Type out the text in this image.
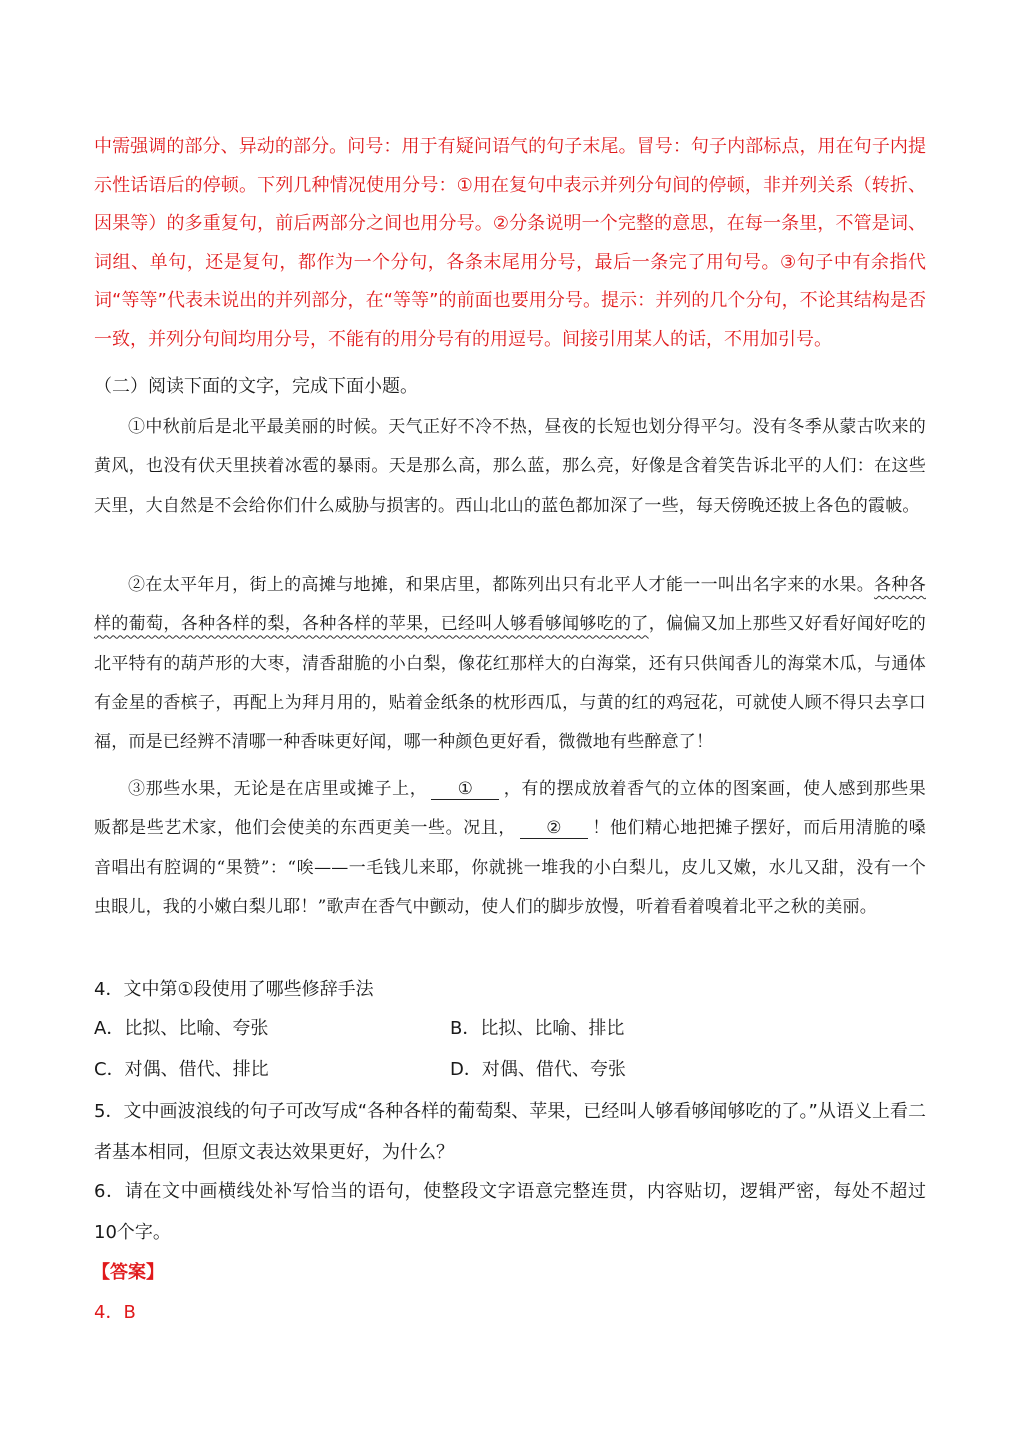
中需强调的部分、异动的部分。问号：用于有疑问语气的句子末尾。冒号：句子内部标点，用在句子内提示性话语后的停顿。下列几种情况使用分号：①用在复句中表示并列分句间的停顿，非并列关系（转折、因果等）的多重复句，前后两部分之间也用分号。②分条说明一个完整的意思，在每一条里，不管是词、词组、单句，还是复句，都作为一个分句，各条末尾用分号，最后一条完了用句号。③句子中有余指代词“等等”代表未说出的并列部分，在“等等”的前面也要用分号。提示：并列的几个分句，不论其结构是否一致，并列分句间均用分号，不能有的用分号有的用逗号。间接引用某人的话，不用加引号。

（二）阅读下面的文字，完成下面小题。

①中秋前后是北平最美丽的时候。天气正好不冷不热，昼夜的长短也划分得平匀。没有冬季从蒙古吹来的黄风，也没有伏天里挟着冰雹的暴雨。天是那么高，那么蓝，那么亮，好像是含着笑告诉北平的人们：在这些天里，大自然是不会给你们什么威胁与损害的。西山北山的蓝色都加深了一些，每天傍晚还披上各色的霞帔。

②在太平年月，街上的高摊与地摊，和果店里，都陈列出只有北平人才能一一叫出名字来的水果。各种各样的葡萄，各种各样的梨，各种各样的苹果，已经叫人够看够闻够吃的了，偏偏又加上那些又好看好闻好吃的北平特有的葫芦形的大枣，清香甜脆的小白梨，像花红那样大的白海棠，还有只供闻香儿的海棠木瓜，与通体有金星的香槟子，再配上为拜月用的，贴着金纸条的枕形西瓜，与黄的红的鸡冠花，可就使人顾不得只去享口福，而是已经辨不清哪一种香味更好闻，哪一种颜色更好看，微微地有些醉意了！

③那些水果，无论是在店里或摊子上， ① ，有的摆成放着香气的立体的图案画，使人感到那些果贩都是些艺术家，他们会使美的东西更美一些。况且， ② ！他们精心地把摊子摆好，而后用清脆的嗓音唱出有腔调的“果赞”：“唉——一毛钱儿来耶，你就挑一堆我的小白梨儿，皮儿又嫩，水儿又甜，没有一个虫眼儿，我的小嫩白梨儿耶！”歌声在香气中颤动，使人们的脚步放慢，听着看着嗅着北平之秋的美丽。

4．文中第①段使用了哪些修辞手法

A．比拟、比喻、夸张	B．比拟、比喻、排比

C．对偶、借代、排比	D．对偶、借代、夸张

5．文中画波浪线的句子可改写成“各种各样的葡萄梨、苹果，已经叫人够看够闻够吃的了。”从语义上看二者基本相同，但原文表达效果更好，为什么？

6．请在文中画横线处补写恰当的语句，使整段文字语意完整连贯，内容贴切，逻辑严密，每处不超过　10个字。

【答案】

4．B
